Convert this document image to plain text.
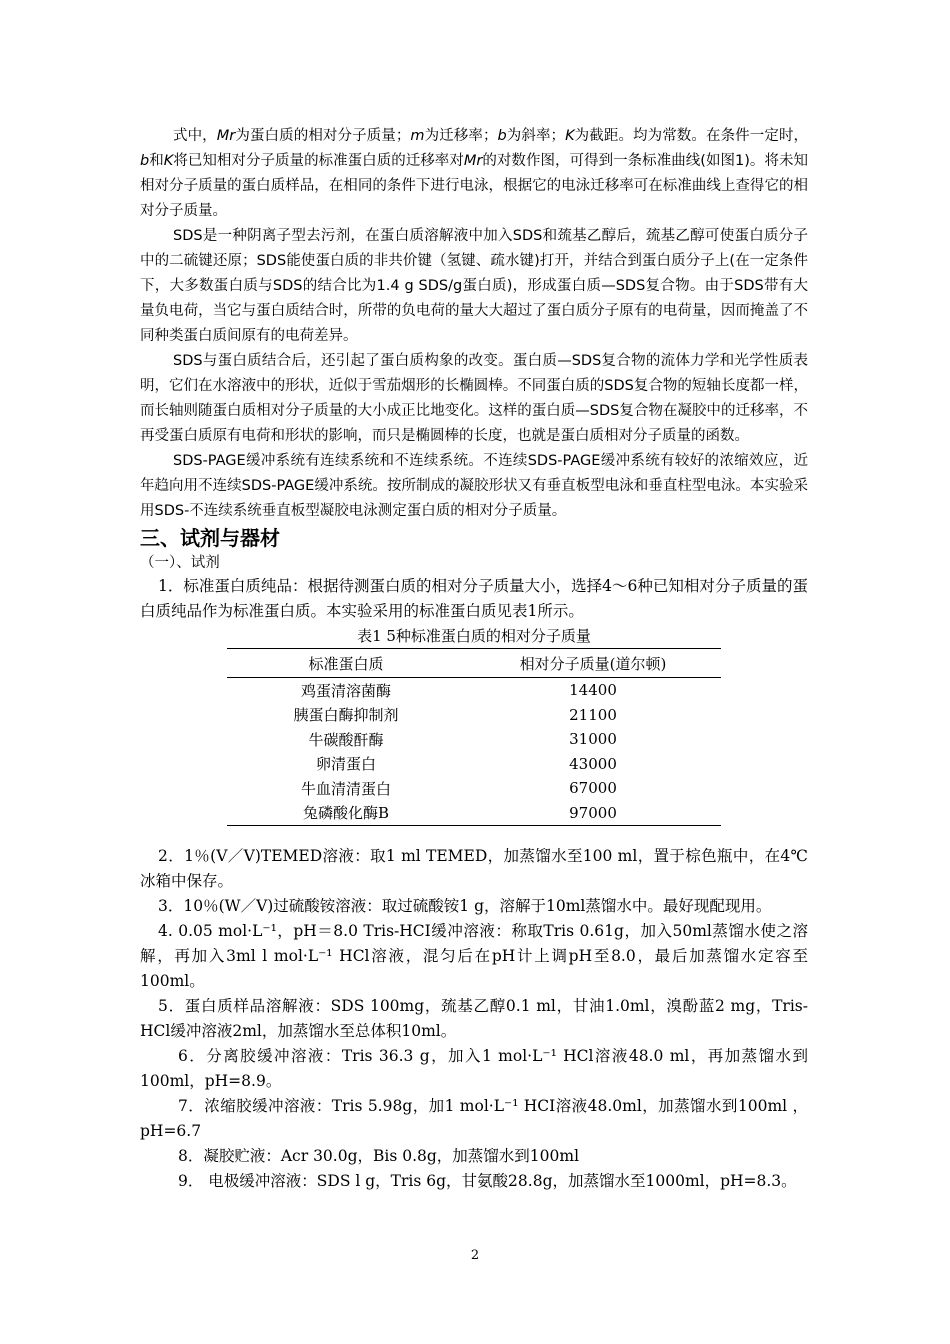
式中，Mr为蛋白质的相对分子质量；m为迁移率；b为斜率；K为截距。均为常数。在条件一定时，b和K将已知相对分子质量的标准蛋白质的迁移率对Mr的对数作图，可得到一条标准曲线(如图1)。将未知相对分子质量的蛋白质样品，在相同的条件下进行电泳，根据它的电泳迁移率可在标准曲线上查得它的相对分子质量。

SDS是一种阴离子型去污剂，在蛋白质溶解液中加入SDS和巯基乙醇后，巯基乙醇可使蛋白质分子中的二硫键还原；SDS能使蛋白质的非共价键（氢键、疏水键)打开，并结合到蛋白质分子上(在一定条件下，大多数蛋白质与SDS的结合比为1.4 g SDS/g蛋白质)，形成蛋白质—SDS复合物。由于SDS带有大量负电荷，当它与蛋白质结合时，所带的负电荷的量大大超过了蛋白质分子原有的电荷量，因而掩盖了不同种类蛋白质间原有的电荷差异。

SDS与蛋白质结合后，还引起了蛋白质构象的改变。蛋白质—SDS复合物的流体力学和光学性质表明，它们在水溶液中的形状，近似于雪茄烟形的长椭圆棒。不同蛋白质的SDS复合物的短轴长度都一样，而长轴则随蛋白质相对分子质量的大小成正比地变化。这样的蛋白质—SDS复合物在凝胶中的迁移率，不再受蛋白质原有电荷和形状的影响，而只是椭圆棒的长度，也就是蛋白质相对分子质量的函数。

SDS-PAGE缓冲系统有连续系统和不连续系统。不连续SDS-PAGE缓冲系统有较好的浓缩效应，近年趋向用不连续SDS-PAGE缓冲系统。按所制成的凝胶形状又有垂直板型电泳和垂直柱型电泳。本实验采用SDS-不连续系统垂直板型凝胶电泳测定蛋白质的相对分子质量。

三、试剂与器材
（一）、试剂

1．标准蛋白质纯品：根据待测蛋白质的相对分子质量大小，选择4～6种已知相对分子质量的蛋白质纯品作为标准蛋白质。本实验采用的标准蛋白质见表1所示。

表1 5种标准蛋白质的相对分子质量
标准蛋白质	相对分子质量(道尔顿)
鸡蛋清溶菌酶	14400
胰蛋白酶抑制剂	21100
牛碳酸酐酶	31000
卵清蛋白	43000
牛血清清蛋白	67000
兔磷酸化酶B	97000

2．1％(V／V)TEMED溶液：取1 ml TEMED，加蒸馏水至100 ml，置于棕色瓶中，在4℃冰箱中保存。

3．10％(W／V)过硫酸铵溶液：取过硫酸铵1 g，溶解于10ml蒸馏水中。最好现配现用。

4. 0.05 mol·L⁻¹，pH＝8.0 Tris-HCI缓冲溶液：称取Tris 0.61g，加入50ml蒸馏水使之溶解，再加入3ml l mol·L⁻¹ HCl溶液，混匀后在pH计上调pH至8.0，最后加蒸馏水定容至100ml。

5．蛋白质样品溶解液：SDS 100mg，巯基乙醇0.1 ml，甘油1.0ml，溴酚蓝2 mg，Tris-HCl缓冲溶液2ml，加蒸馏水至总体积10ml。

6．分离胶缓冲溶液：Tris 36.3 g，加入1 mol·L⁻¹ HCl溶液48.0 ml，再加蒸馏水到100ml，pH=8.9。

7．浓缩胶缓冲溶液：Tris 5.98g，加1 mol·L⁻¹ HCI溶液48.0ml，加蒸馏水到100ml ，pH=6.7

8．凝胶贮液：Acr 30.0g，Bis 0.8g，加蒸馏水到100ml

9． 电极缓冲溶液：SDS l g，Tris 6g，甘氨酸28.8g，加蒸馏水至1000ml，pH=8.3。

2
